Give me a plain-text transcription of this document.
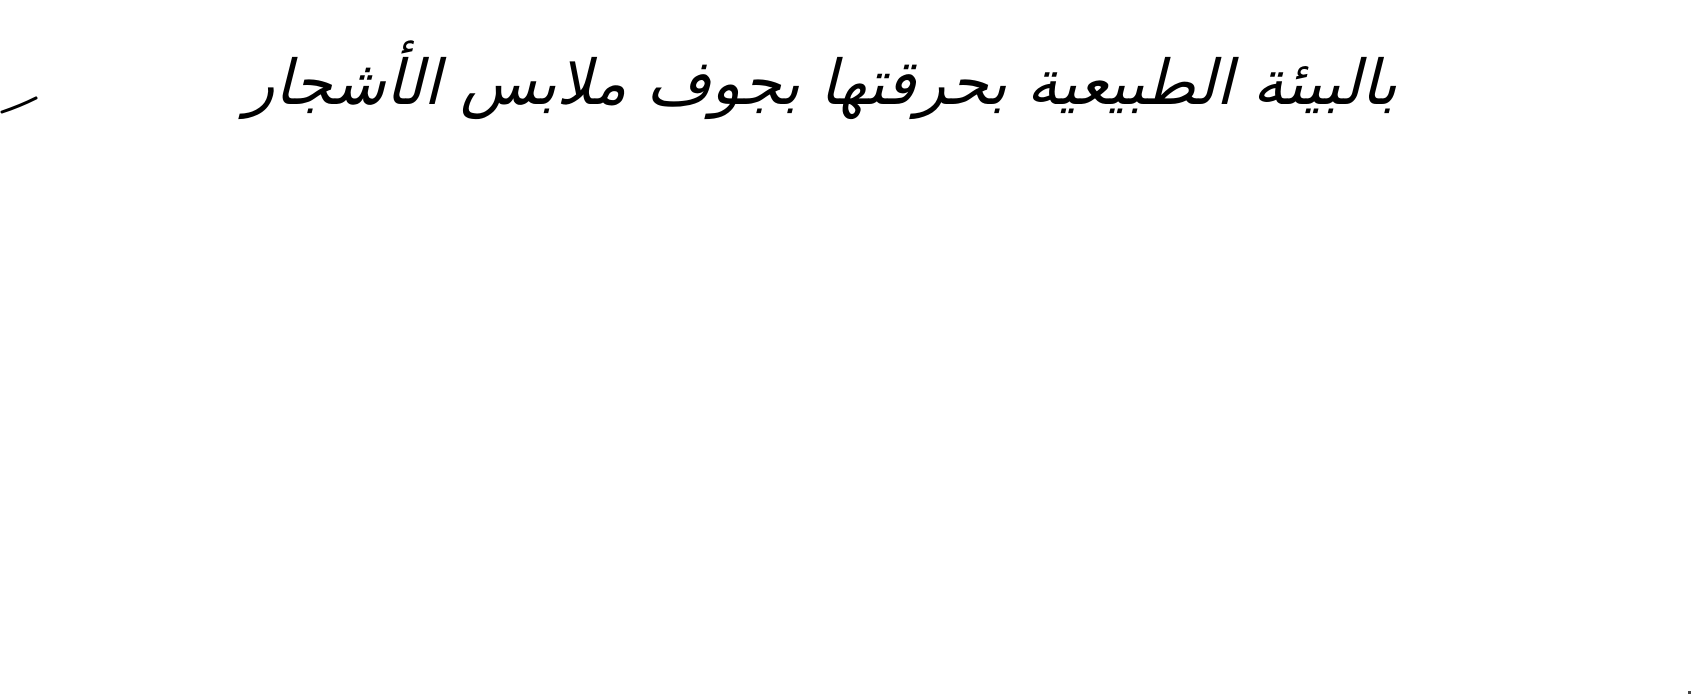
بالبيئة الطبيعية بحرقتها بجوف ملابس الأشجار
